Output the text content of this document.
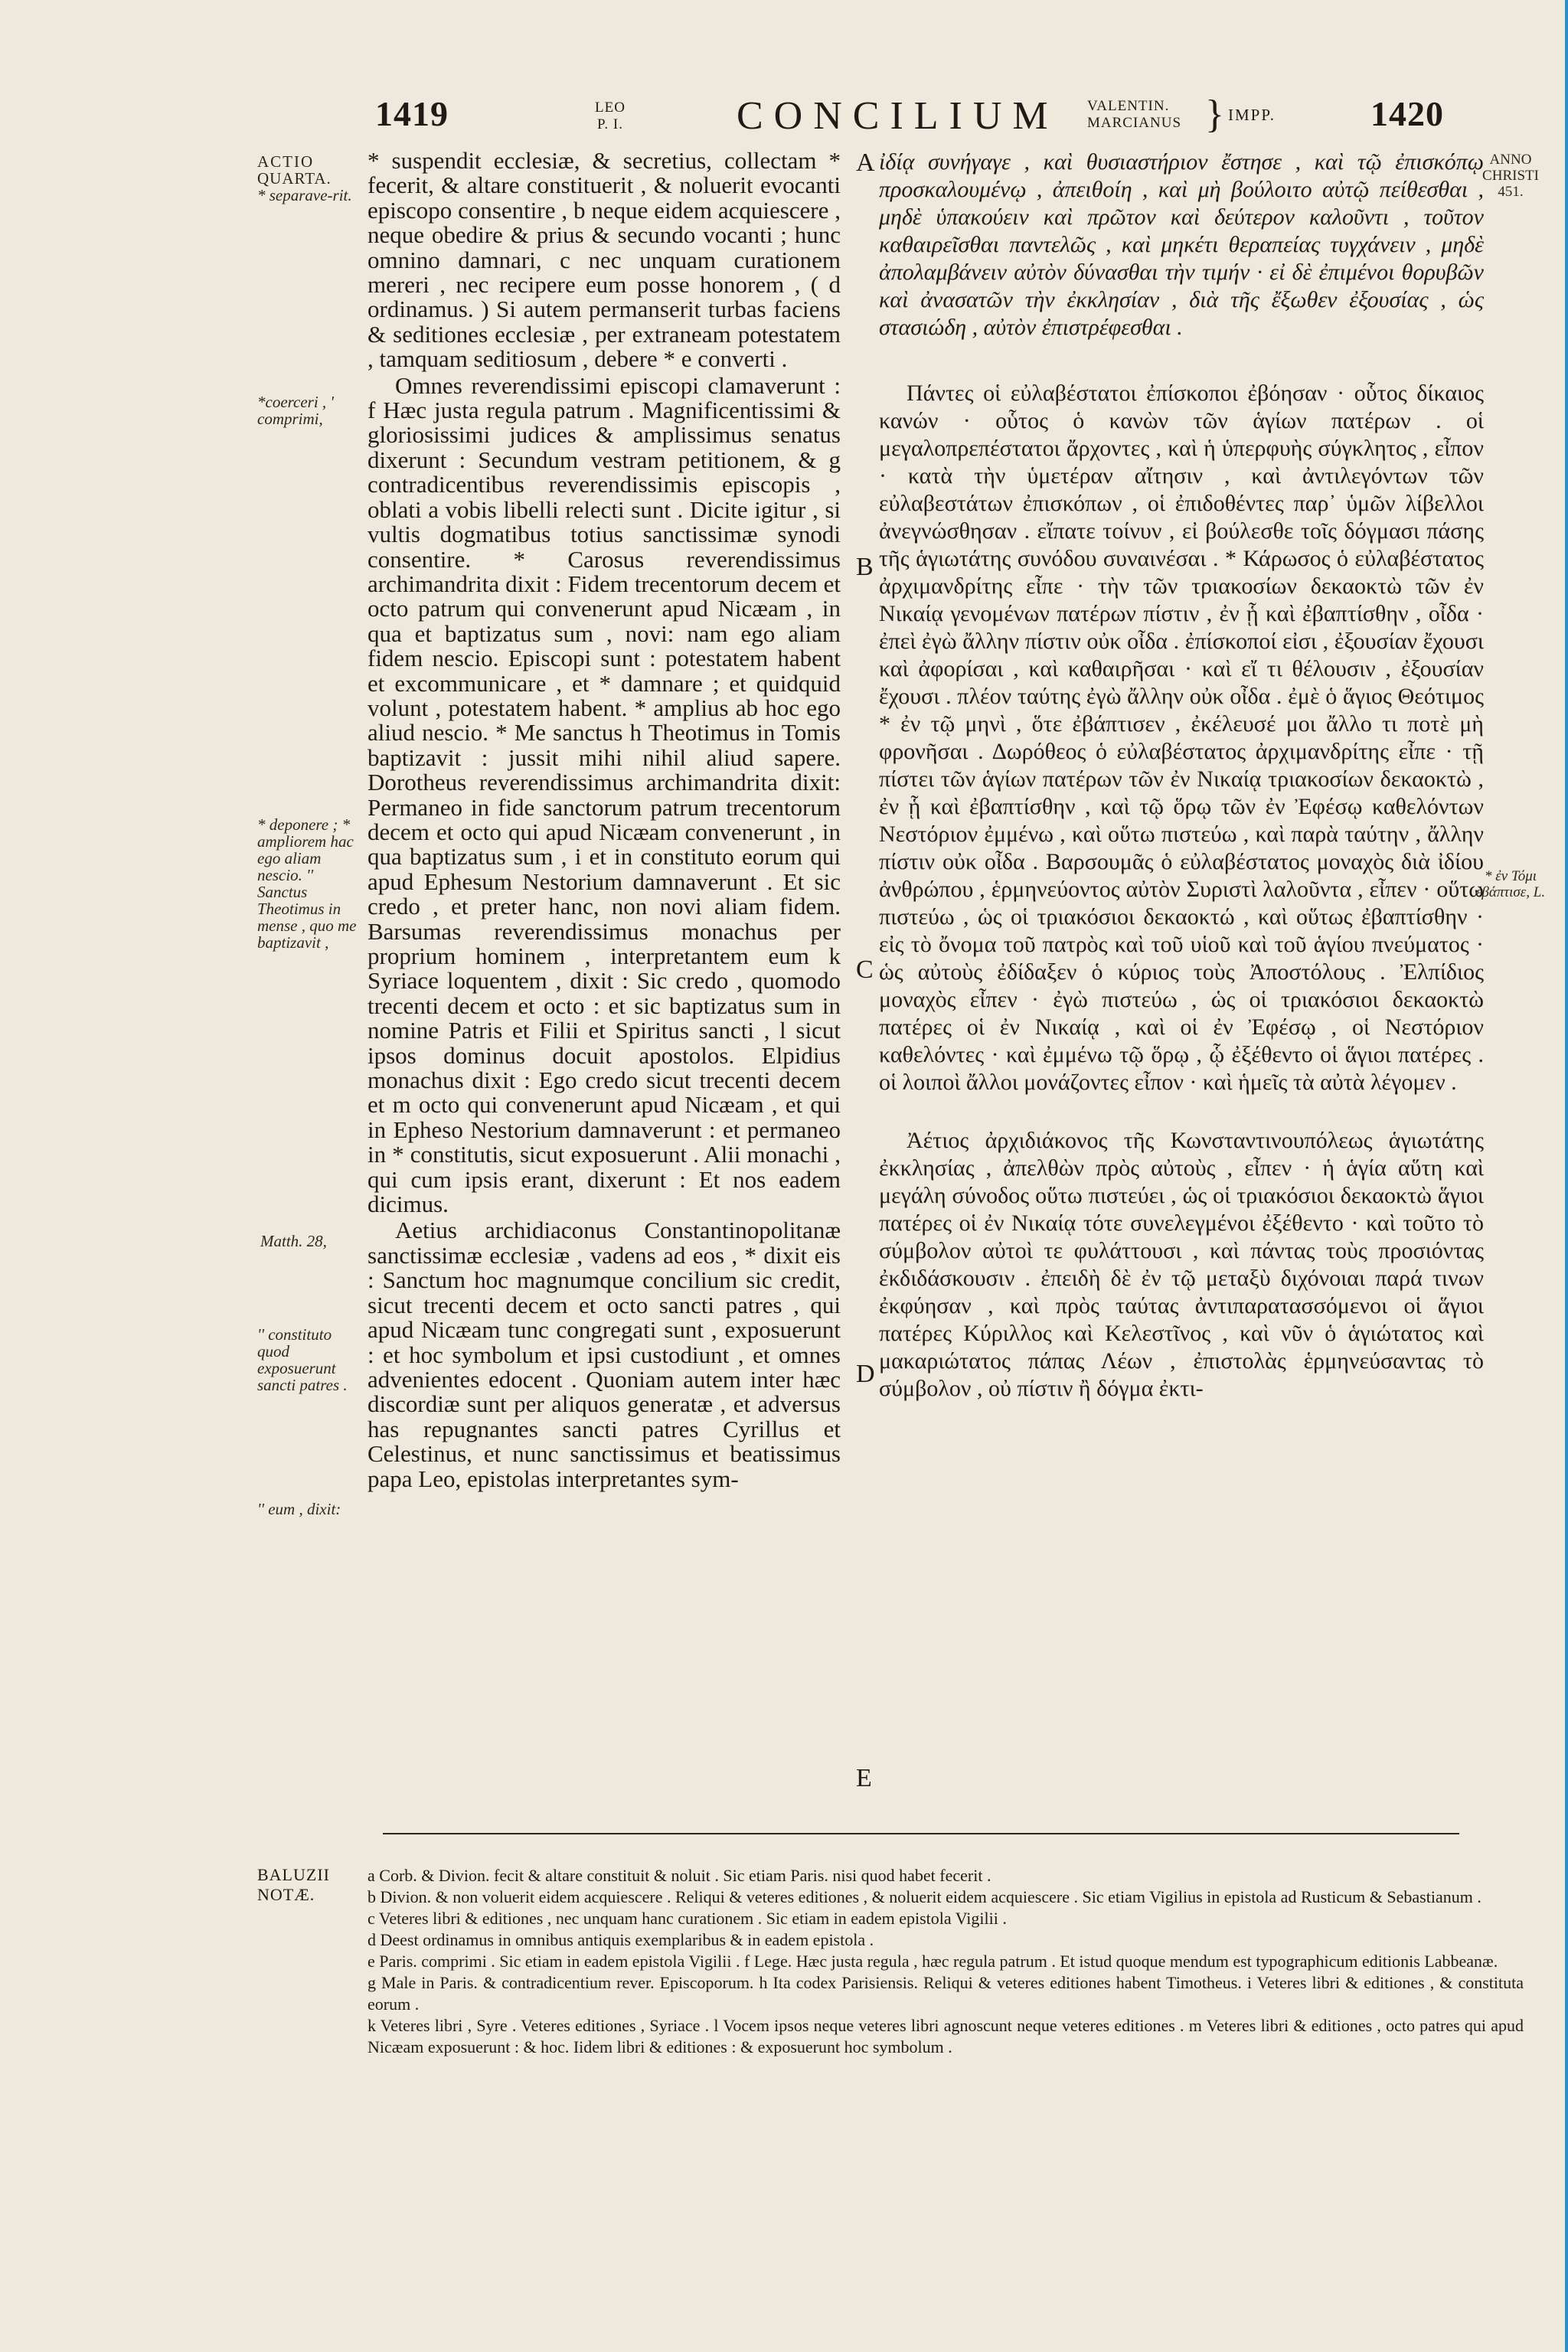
1419	LEO
P. I.	CONCILIUM VALENTIN.
MARCIANUS } IMPP.	1420

ACTIO

QUARTA.

* separave-rit.

*coerceri , ' comprimi,
* deponere ; * ampliorem hac ego aliam nescio. '' Sanctus Theotimus in mense , quo me baptizavit ,
Matth. 28,
'' constituto quod exposuerunt sancti patres .
'' eum , dixit:
ANNO
CHRISTI
451.
* ἐν Τόμι ἐβάπτισε, L.
A
B
C
D
E

* suspendit ecclesiæ, & secretius, collectam * fecerit, & altare constituerit , & noluerit evocanti episcopo consentire , b neque eidem acquiescere , neque obedire & prius & secundo vocanti ; hunc omnino damnari, c nec unquam curationem mereri , nec recipere eum posse honorem , ( d ordinamus. ) Si autem permanserit turbas faciens & seditiones ecclesiæ , per extraneam potestatem , tamquam seditiosum , debere * e converti .

Omnes reverendissimi episcopi clamaverunt : f Hæc justa regula patrum . Magnificentissimi & gloriosissimi judices & amplissimus senatus dixerunt : Secundum vestram petitionem, & g contradicentibus reverendissimis episcopis , oblati a vobis libelli relecti sunt . Dicite igitur , si vultis dogmatibus totius sanctissimæ synodi consentire. * Carosus reverendissimus archimandrita dixit : Fidem trecentorum decem et octo patrum qui convenerunt apud Nicæam , in qua et baptizatus sum , novi: nam ego aliam fidem nescio. Episcopi sunt : potestatem habent et excommunicare , et * damnare ; et quidquid volunt , potestatem habent. * amplius ab hoc ego aliud nescio. * Me sanctus h Theotimus in Tomis baptizavit : jussit mihi nihil aliud sapere. Dorotheus reverendissimus archimandrita dixit: Permaneo in fide sanctorum patrum trecentorum decem et octo qui apud Nicæam convenerunt , in qua baptizatus sum , i et in constituto eorum qui apud Ephesum Nestorium damnaverunt . Et sic credo , et preter hanc, non novi aliam fidem. Barsumas reverendissimus monachus per proprium hominem , interpretantem eum k Syriace loquentem , dixit : Sic credo , quomodo trecenti decem et octo : et sic baptizatus sum in nomine Patris et Filii et Spiritus sancti , l sicut ipsos dominus docuit apostolos. Elpidius monachus dixit : Ego credo sicut trecenti decem et m octo qui convenerunt apud Nicæam , et qui in Epheso Nestorium damnaverunt : et permaneo in * constitutis, sicut exposuerunt . Alii monachi , qui cum ipsis erant, dixerunt : Et nos eadem dicimus.

Aetius archidiaconus Constantinopolitanæ sanctissimæ ecclesiæ , vadens ad eos , * dixit eis : Sanctum hoc magnumque concilium sic credit, sicut trecenti decem et octo sancti patres , qui apud Nicæam tunc congregati sunt , exposuerunt : et hoc symbolum et ipsi custodiunt , et omnes advenientes edocent . Quoniam autem inter hæc discordiæ sunt per aliquos generatæ , et adversus has repugnantes sancti patres Cyrillus et Celestinus, et nunc sanctissimus et beatissimus papa Leo, epistolas interpretantes sym-

ἰδίᾳ συνήγαγε , καὶ θυσιαστήριον ἔστησε , καὶ τῷ ἐπισκόπῳ προσκαλουμένῳ , ἀπειθοίη , καὶ μὴ βούλοιτο αὐτῷ πείθεσθαι , μηδὲ ὑπακούειν καὶ πρῶτον καὶ δεύτερον καλοῦντι , τοῦτον καθαιρεῖσθαι παντελῶς , καὶ μηκέτι θεραπείας τυγχάνειν , μηδὲ ἀπολαμβάνειν αὐτὸν δύνασθαι τὴν τιμήν · εἰ δὲ ἐπιμένοι θορυβῶν καὶ ἀνασατῶν τὴν ἐκκλησίαν , διὰ τῆς ἔξωθεν ἐξουσίας , ὡς στασιώδη , αὐτὸν ἐπιστρέφεσθαι .

Πάντες οἱ εὐλαβέστατοι ἐπίσκοποι ἐβόησαν · οὗτος δίκαιος κανών · οὗτος ὁ κανὼν τῶν ἁγίων πατέρων . οἱ μεγαλοπρεπέστατοι ἄρχοντες , καὶ ἡ ὑπερφυὴς σύγκλητος , εἶπον · κατὰ τὴν ὑμετέραν αἴτησιν , καὶ ἀντιλεγόντων τῶν εὐλαβεστάτων ἐπισκόπων , οἱ ἐπιδοθέντες παρ᾽ ὑμῶν λίβελλοι ἀνεγνώσθησαν . εἴπατε τοίνυν , εἰ βούλεσθε τοῖς δόγμασι πάσης τῆς ἁγιωτάτης συνόδου συναινέσαι . * Κάρωσος ὁ εὐλαβέστατος ἀρχιμανδρίτης εἶπε · τὴν τῶν τριακοσίων δεκαοκτὼ τῶν ἐν Νικαίᾳ γενομένων πατέρων πίστιν , ἐν ᾗ καὶ ἐβαπτίσθην , οἶδα · ἐπεὶ ἐγὼ ἄλλην πίστιν οὐκ οἶδα . ἐπίσκοποί εἰσι , ἐξουσίαν ἔχουσι καὶ ἀφορίσαι , καὶ καθαιρῆσαι · καὶ εἴ τι θέλουσιν , ἐξουσίαν ἔχουσι . πλέον ταύτης ἐγὼ ἄλλην οὐκ οἶδα . ἐμὲ ὁ ἅγιος Θεότιμος * ἐν τῷ μηνὶ , ὅτε ἐβάπτισεν , ἐκέλευσέ μοι ἄλλο τι ποτὲ μὴ φρονῆσαι . Δωρόθεος ὁ εὐλαβέστατος ἀρχιμανδρίτης εἶπε · τῇ πίστει τῶν ἁγίων πατέρων τῶν ἐν Νικαίᾳ τριακοσίων δεκαοκτὼ , ἐν ᾗ καὶ ἐβαπτίσθην , καὶ τῷ ὅρῳ τῶν ἐν Ἐφέσῳ καθελόντων Νεστόριον ἐμμένω , καὶ οὕτω πιστεύω , καὶ παρὰ ταύτην , ἄλλην πίστιν οὐκ οἶδα . Βαρσουμᾶς ὁ εὐλαβέστατος μοναχὸς διὰ ἰδίου ἀνθρώπου , ἑρμηνεύοντος αὐτὸν Συριστὶ λαλοῦντα , εἶπεν · οὕτω πιστεύω , ὡς οἱ τριακόσιοι δεκαοκτώ , καὶ οὕτως ἐβαπτίσθην · εἰς τὸ ὄνομα τοῦ πατρὸς καὶ τοῦ υἱοῦ καὶ τοῦ ἁγίου πνεύματος · ὡς αὐτοὺς ἐδίδαξεν ὁ κύριος τοὺς Ἀποστόλους . Ἐλπίδιος μοναχὸς εἶπεν · ἐγὼ πιστεύω , ὡς οἱ τριακόσιοι δεκαοκτὼ πατέρες οἱ ἐν Νικαίᾳ , καὶ οἱ ἐν Ἐφέσῳ , οἱ Νεστόριον καθελόντες · καὶ ἐμμένω τῷ ὅρῳ , ᾧ ἐξέθεντο οἱ ἅγιοι πατέρες . οἱ λοιποὶ ἄλλοι μονάζοντες εἶπον · καὶ ἡμεῖς τὰ αὐτὰ λέγομεν .

Ἀέτιος ἀρχιδιάκονος τῆς Κωνσταντινουπόλεως ἁγιωτάτης ἐκκλησίας , ἀπελθὼν πρὸς αὐτοὺς , εἶπεν · ἡ ἁγία αὕτη καὶ μεγάλη σύνοδος οὕτω πιστεύει , ὡς οἱ τριακόσιοι δεκαοκτὼ ἅγιοι πατέρες οἱ ἐν Νικαίᾳ τότε συνελεγμένοι ἐξέθεντο · καὶ τοῦτο τὸ σύμβολον αὐτοὶ τε φυλάττουσι , καὶ πάντας τοὺς προσιόντας ἐκδιδάσκουσιν . ἐπειδὴ δὲ ἐν τῷ μεταξὺ διχόνοιαι παρά τινων ἐκφύησαν , καὶ πρὸς ταύτας ἀντιπαρατασσόμενοι οἱ ἅγιοι πατέρες Κύριλλος καὶ Κελεστῖνος , καὶ νῦν ὁ ἁγιώτατος καὶ μακαριώτατος πάπας Λέων , ἐπιστολὰς ἑρμηνεύσαντας τὸ σύμβολον , οὐ πίστιν ἢ δόγμα ἐκτι-

BALUZII
NOTÆ.

a Corb. & Divion. fecit & altare constituit & noluit . Sic etiam Paris. nisi quod habet fecerit .

b Divion. & non voluerit eidem acquiescere . Reliqui & veteres editiones , & noluerit eidem acquiescere . Sic etiam Vigilius in epistola ad Rusticum & Sebastianum .

c Veteres libri & editiones , nec unquam hanc curationem . Sic etiam in eadem epistola Vigilii .

d Deest ordinamus in omnibus antiquis exemplaribus & in eadem epistola .

e Paris. comprimi . Sic etiam in eadem epistola Vigilii . f Lege. Hæc justa regula , hæc regula patrum . Et istud quoque mendum est typographicum editionis Labbeanæ.

g Male in Paris. & contradicentium rever. Episcoporum. h Ita codex Parisiensis. Reliqui & veteres editiones habent Timotheus. i Veteres libri & editiones , & constituta eorum .

k Veteres libri , Syre . Veteres editiones , Syriace . l Vocem ipsos neque veteres libri agnoscunt neque veteres editiones . m Veteres libri & editiones , octo patres qui apud Nicæam exposuerunt : & hoc. Iidem libri & editiones : & exposuerunt hoc symbolum .
